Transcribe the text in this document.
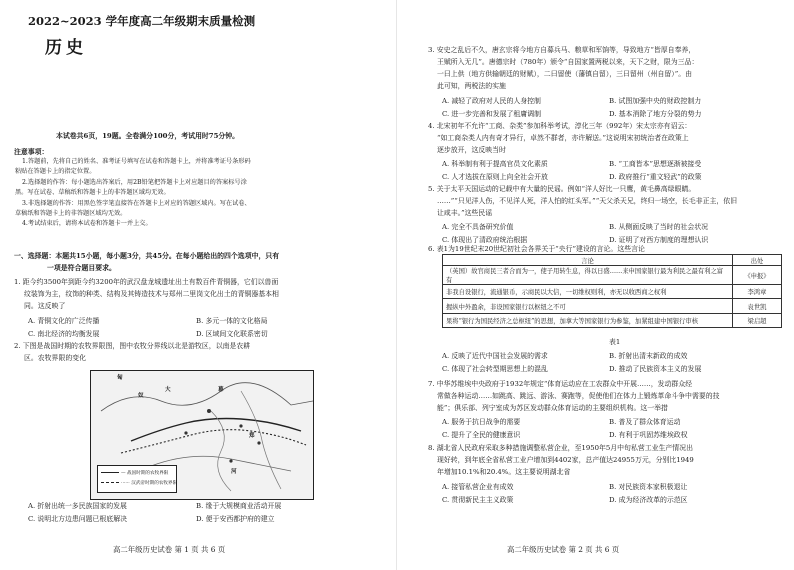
2022~2023 学年度高二年级期末质量检测
历史
本试卷共6页，19题。全卷满分100分，考试用时75分钟。
注意事项：
1.答题前，先将自己的姓名、准考证号填写在试卷和答题卡上，并将准考证号条形码
粘贴在答题卡上的指定位置。
2.选择题的作答：每小题选出答案后，用2B铅笔把答题卡上对应题目的答案标号涂
黑。写在试卷、草稿纸和答题卡上的非答题区域均无效。
3.非选择题的作答：用黑色签字笔直接答在答题卡上对应的答题区域内。写在试卷、
草稿纸和答题卡上的非答题区域均无效。
4.考试结束后，请将本试卷和答题卡一并上交。
一、选择题：本题共15小题，每小题3分，共45分。在每小题给出的四个选项中，只有
一项是符合题目要求。
1. 距今约3500年到距今约3200年的武汉盘龙城遗址出土有数百件青铜器，它们以兽面
纹装饰为主，纹饰的种类、结构及其铸造技术与郑州二里岗文化出土的青铜器基本相
同。这反映了
A. 青铜文化的广泛传播	B. 多元一体的文化格局
C. 南北经济的均衡发展	D. 区域间文化联系密切
2. 下图是战国时期的农牧界限图，图中农牧分界线以北是游牧区，以南是农耕
区。农牧界限的变化
匈
奴
大	幕
郑
河
— 战国时期的农牧界限
······ 汉武帝时期的农牧界限
A. 折射出统一多民族国家的发展	B. 缘于大规模商业活动开展
C. 说明北方边患问题已根底解决	D. 便于安西都护府的建立
高二年级历史试卷 第 1 页 共 6 页
3. 安史之乱后不久，唐玄宗将今地方自募兵马、粮草和军饷等，导致地方“皆厚自奉养，
王赋所入无几”。唐德宗时（780年）颁令“自国家置两税以来，天下之财，限为三品：
一曰上供（地方供输朝廷的财赋），二曰留使（藩镇自留），三曰留州（州自留）”。由
此可知，两税法的实施
A. 减轻了政府对人民的人身控制	B. 试图加强中央的财政控制力
C. 进一步完善和发展了租庸调制	D. 基本消除了地方分裂的势力
4. 北宋初年不允许“工商、杂类”参加科举考试，淳化三年（992年）宋太宗亦有诏云：
“如工商杂类人内有奇才异行，卓然不群者，亦许解送。”这说明宋初统治者在政策上
逐步放开，这反映当时
A. 科举制有利于提高官员文化素质	B. “工商皆本”思想逐渐被接受
C. 人才选拔在原则上向全社会开放	D. 政府推行“重文轻武”的政策
5. 关于太平天国运动的记载中有大量的民谣。例如“洋人好比一只鹰，黄毛鼻高绿眼睛。
……”“只见洋人伤，不见洋人死，洋人怕的红头军。”“天父杀天兄，终归一场空，长毛非正主，依旧
让咸丰。”这些民谣
A. 完全不具备研究价值	B. 从侧面反映了当时的社会状况
C. 体现出了清政府统治根据	D. 证明了对西方制度的理想认识
6. 表1为19世纪末20世纪初社会各界关于“央行”建设的言论。这些言论
言论	出处
（英国）故官商民三者合而为一，使子用转生息，得以日盛……来申国家银行最为利民之最有利之富有	《申报》
非我自设银行，流通银币，示商民以大信，一切维权则利，亦无以收西商之权利	李鸿章
握纵中外盈余，非设国家银行以枢纽之不可	袁世凯
果将“银行为国民经济之总枢纽”的思想，加拿大等国家银行为参鉴，加紧组建中国银行审核	梁启超
表1
A. 反映了近代中国社会发展的需求	B. 折射出清末新政的成效
C. 体现了社会转型期思想上的混乱	D. 推动了民族资本主义的发展
7. 中华苏维埃中央政府于1932年规定“体育运动应在工农群众中开展……，发动群众经
常做各种运动……如跳高、跳远、游泳、赛跑等，促使他们在体力上锻炼革命斗争中需要的技
能”；俱乐部、列宁室成为苏区发动群众体育运动的主要组织机构。这一举措
A. 服务于抗日战争的需要	B. 普及了群众体育运动
C. 提升了全民的健康意识	D. 有利于巩固苏维埃政权
8. 湖北省人民政府采取多种措施调整私营企业，至1950年5月中旬私营工业生产情况出
现好转，到年底全省私营工业户增加到4402家，总产值达24955万元，分别比1949
年增加10.1%和20.4%。这主要说明湖北省
A. 接管私营企业有成效	B. 对民族资本家积极退让
C. 贯彻新民主主义政策	D. 成为经济改革的示范区
高二年级历史试卷 第 2 页 共 6 页
